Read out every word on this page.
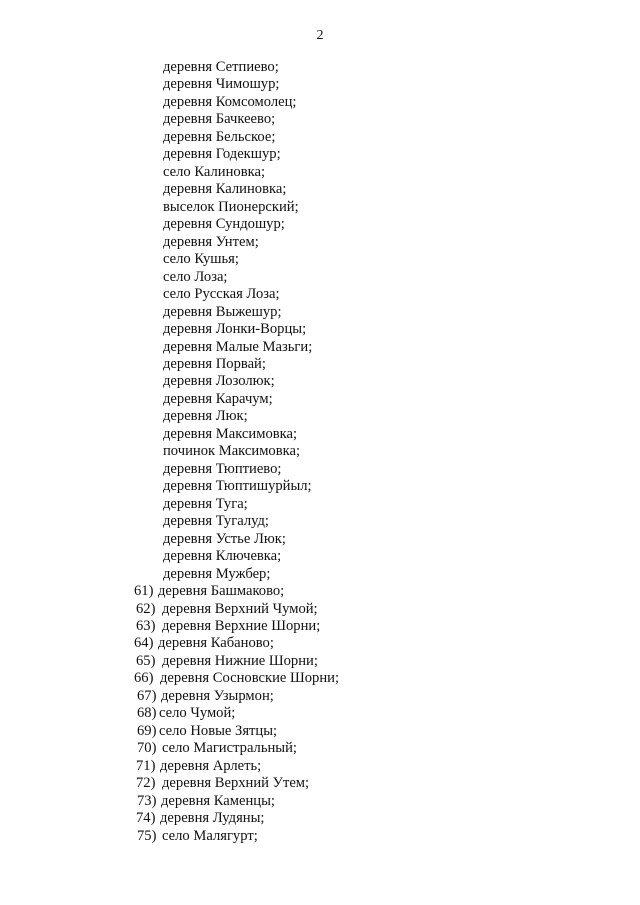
2
деревня Сетпиево;
деревня Чимошур;
деревня Комсомолец;
деревня Бачкеево;
деревня Бельское;
деревня Годекшур;
село Калиновка;
деревня Калиновка;
выселок Пионерский;
деревня Сундошур;
деревня Унтем;
село Кушья;
село Лоза;
село Русская Лоза;
деревня Выжешур;
деревня Лонки-Ворцы;
деревня Малые Мазьги;
деревня Порвай;
деревня Лозолюк;
деревня Карачум;
деревня Люк;
деревня Максимовка;
починок Максимовка;
деревня Тюптиево;
деревня Тюптишурйыл;
деревня Туга;
деревня Тугалуд;
деревня Устье Люк;
деревня Ключевка;
деревня Мужбер;
61) деревня Башмаково;
62) деревня Верхний Чумой;
63) деревня Верхние Шорни;
64) деревня Кабаново;
65) деревня Нижние Шорни;
66) деревня Сосновские Шорни;
67) деревня Узырмон;
68) село Чумой;
69) село Новые Зятцы;
70) село Магистральный;
71) деревня Арлеть;
72) деревня Верхний Утем;
73) деревня Каменцы;
74) деревня Лудяны;
75) село Малягурт;
